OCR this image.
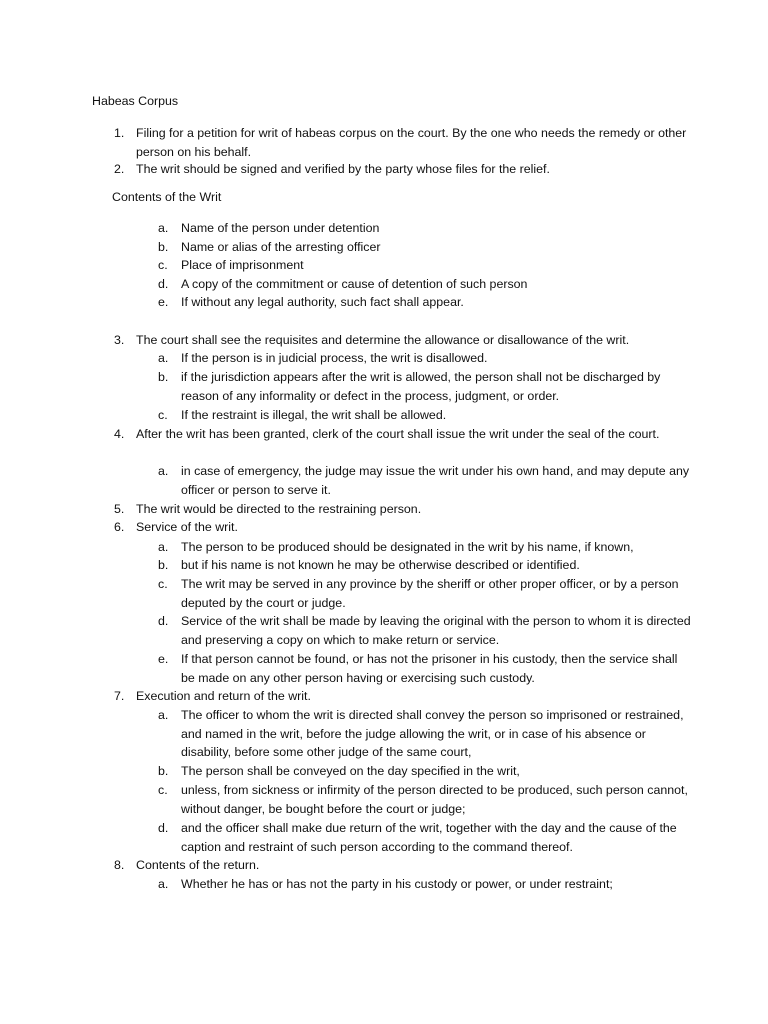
Habeas Corpus
1. Filing for a petition for writ of habeas corpus on the court. By the one who needs the remedy or other person on his behalf.
2. The writ should be signed and verified by the party whose files for the relief.
Contents of the Writ
a. Name of the person under detention
b. Name or alias of the arresting officer
c. Place of imprisonment
d. A copy of the commitment or cause of detention of such person
e. If without any legal authority, such fact shall appear.
3. The court shall see the requisites and determine the allowance or disallowance of the writ.
a. If the person is in judicial process, the writ is disallowed.
b. if the jurisdiction appears after the writ is allowed, the person shall not be discharged by reason of any informality or defect in the process, judgment, or order.
c. If the restraint is illegal, the writ shall be allowed.
4. After the writ has been granted, clerk of the court shall issue the writ under the seal of the court.
a. in case of emergency, the judge may issue the writ under his own hand, and may depute any officer or person to serve it.
5. The writ would be directed to the restraining person.
6. Service of the writ.
a. The person to be produced should be designated in the writ by his name, if known,
b. but if his name is not known he may be otherwise described or identified.
c. The writ may be served in any province by the sheriff or other proper officer, or by a person deputed by the court or judge.
d. Service of the writ shall be made by leaving the original with the person to whom it is directed and preserving a copy on which to make return or service.
e. If that person cannot be found, or has not the prisoner in his custody, then the service shall be made on any other person having or exercising such custody.
7. Execution and return of the writ.
a. The officer to whom the writ is directed shall convey the person so imprisoned or restrained, and named in the writ, before the judge allowing the writ, or in case of his absence or disability, before some other judge of the same court,
b. The person shall be conveyed on the day specified in the writ,
c. unless, from sickness or infirmity of the person directed to be produced, such person cannot, without danger, be bought before the court or judge;
d. and the officer shall make due return of the writ, together with the day and the cause of the caption and restraint of such person according to the command thereof.
8. Contents of the return.
a. Whether he has or has not the party in his custody or power, or under restraint;
